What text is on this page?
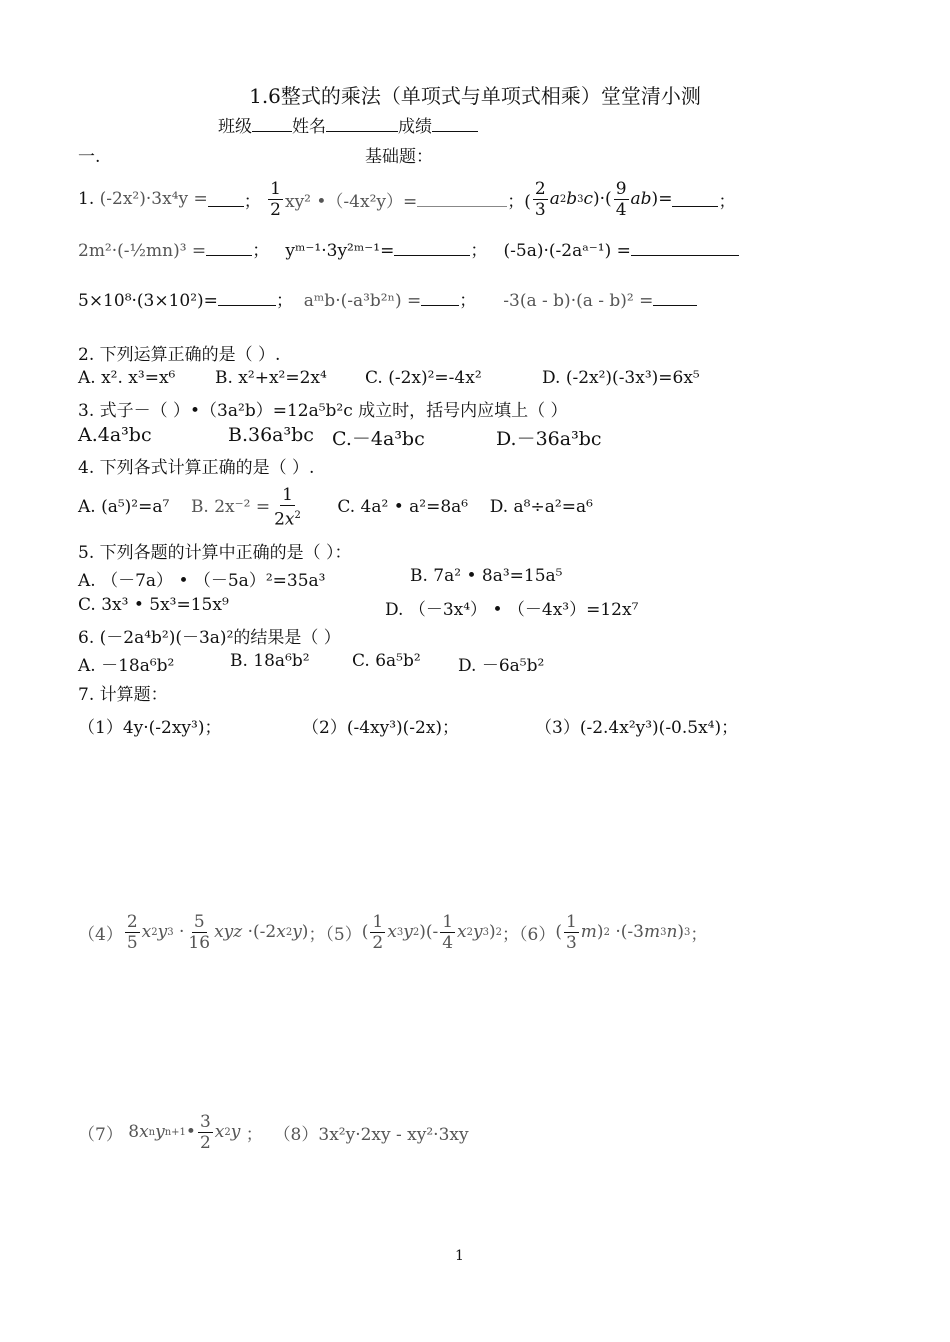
1.6整式的乘法（单项式与单项式相乘）堂堂清小测
班级 姓名	成绩
一.	基础题：
1.
(-2x²)·3x⁴y = ； $\frac{1}{2} xy^2$ •（-4x²y）=	；( $\frac{2}{3}$ a 2 b 3 c )·( $\frac{9}{4}$ ab ) =	；
2m²·(-½mn)³ =	；   yᵐ⁻¹·3y²ᵐ⁻¹=	；   (-5a)·(-2aᵃ⁻¹) =
5×10⁸·(3×10²)=	；  aᵐb·(-a³b²ⁿ) = ；     -3(a - b)·(a - b)² =
2. 下列运算正确的是（ ）.
A. x². x³=x⁶ B. x²+x²=2x⁴ C. (-2x)²=-4x²	D. (-2x²)(-3x³)=6x⁵
3. 式子－（ ）•（3a²b）=12a⁵b²c 成立时，括号内应填上（ ）
A.4a³bc	B.36a³bc C.－4a³bc	D.－36a³bc
4. 下列各式计算正确的是（ ）.
A. (a⁵)²=a⁷
B. $2x^{-2} = \frac{1}{2x^2}$
C. 4a² • a²=8a⁶
D. a⁸÷a²=a⁶
5. 下列各题的计算中正确的是（ ）：
A. （－7a） • （－5a）²=35a³	B. 7a² • 8a³=15a⁵
C. 3x³ • 5x³=15x⁹	D. （－3x⁴） • （－4x³）=12x⁷
6. (－2a⁴b²)(－3a)²的结果是（ ）
A. －18a⁶b²	B. 18a⁶b² C. 6a⁵b² D. －6a⁵b²
7. 计算题：
（1）4y·(-2xy³)；	（2）(-4xy³)(-2x)；	（3）(-2.4x²y³)(-0.5x⁴)；
$(4) \frac{2}{5}$ x 2 y $3 \cdot \frac{5}{16}$ xyz ·(-2 x 2 y ) ；（5） ( $\frac{1}{2}$ x 3 y 2 )(- $\frac{1}{4}$ x 2 y 3 ) 2 ；（6） ( $\frac{1}{3}$ m ) 2 ·(-3 m 3 n ) 3 ；
（7） 8 x n y n+1 • $\frac{3}{2}$ x 2 y ； （8）3x²y·2xy - xy²·3xy
1
